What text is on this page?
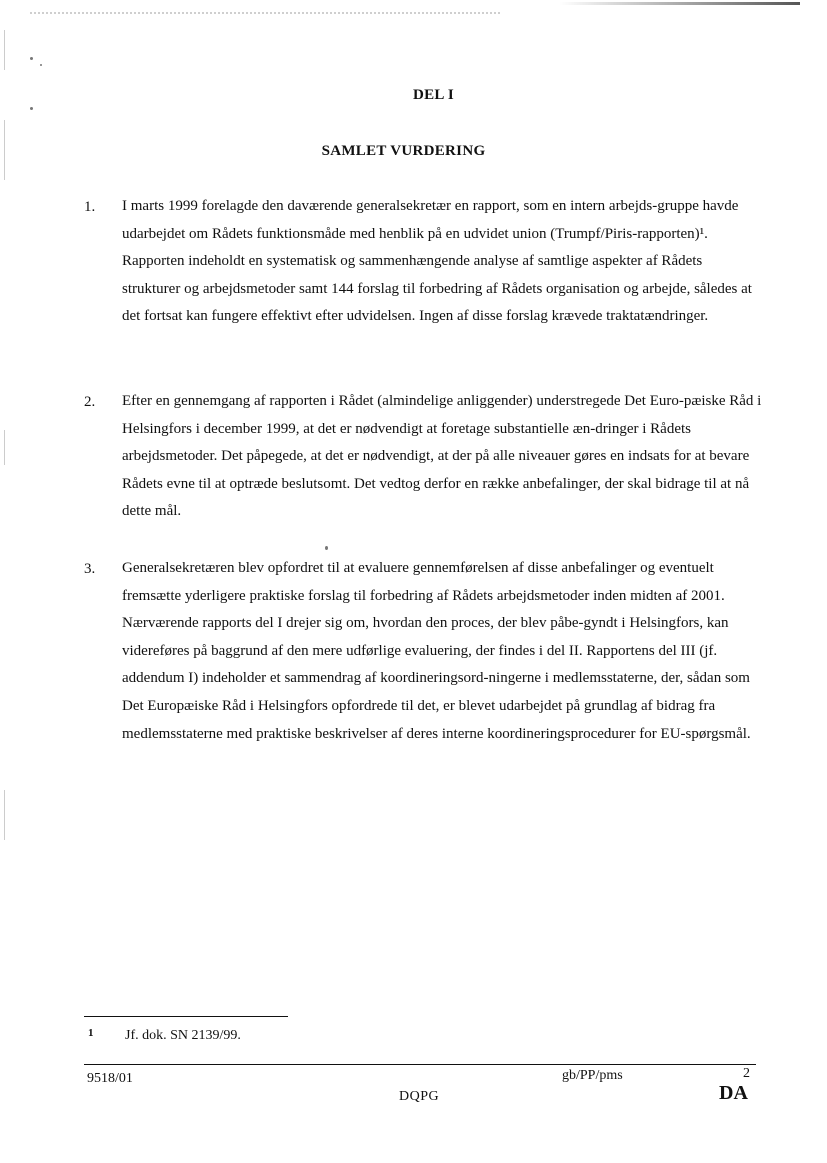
DEL I
SAMLET VURDERING
1. I marts 1999 forelagde den daværende generalsekretær en rapport, som en intern arbejds-gruppe havde udarbejdet om Rådets funktionsmåde med henblik på en udvidet union (Trumpf/Piris-rapporten)¹. Rapporten indeholdt en systematisk og sammenhængende analyse af samtlige aspekter af Rådets strukturer og arbejdsmetoder samt 144 forslag til forbedring af Rådets organisation og arbejde, således at det fortsat kan fungere effektivt efter udvidelsen. Ingen af disse forslag krævede traktatændringer.
2. Efter en gennemgang af rapporten i Rådet (almindelige anliggender) understregede Det Euro-pæiske Råd i Helsingfors i december 1999, at det er nødvendigt at foretage substantielle æn-dringer i Rådets arbejdsmetoder. Det påpegede, at det er nødvendigt, at der på alle niveauer gøres en indsats for at bevare Rådets evne til at optræde beslutsomt. Det vedtog derfor en række anbefalinger, der skal bidrage til at nå dette mål.
3. Generalsekretæren blev opfordret til at evaluere gennemførelsen af disse anbefalinger og eventuelt fremsætte yderligere praktiske forslag til forbedring af Rådets arbejdsmetoder inden midten af 2001. Nærværende rapports del I drejer sig om, hvordan den proces, der blev påbe-gyndt i Helsingfors, kan videreføres på baggrund af den mere udførlige evaluering, der findes i del II. Rapportens del III (jf. addendum I) indeholder et sammendrag af koordineringsord-ningerne i medlemsstaterne, der, sådan som Det Europæiske Råd i Helsingfors opfordrede til det, er blevet udarbejdet på grundlag af bidrag fra medlemsstaterne med praktiske beskrivelser af deres interne koordineringsprocedurer for EU-spørgsmål.
1 Jf. dok. SN 2139/99.
9518/01	gb/PP/pms	2
DQPG	DA
